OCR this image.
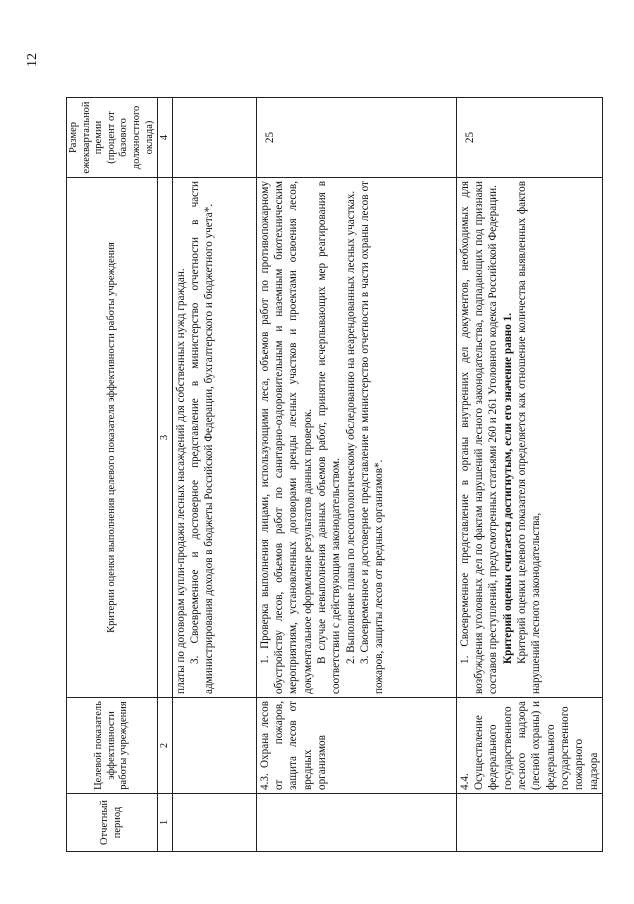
12
Отчетный период	Целевой показатель эффективности работы учреждения	Критерии оценки выполнения целевого показателя эффективности работы учреждения	Размер ежеквартальной премии (процент от базового должностного оклада)
1	2	3	4

		платы по договорам купли-продажи лесных насаждений для собственных нужд граждан. 3. Своевременное и достоверное представление в министерство отчетности в части администрирования доходов в бюджеты Российской Федерации, бухгалтерского и бюджетного учета*.	

	4.3. Охрана лесов от пожаров, защита лесов от вредных организмов	1. Проверка выполнения лицами, использующими леса, объемов работ по противопожарному обустройству лесов, объемов работ по санитарно-оздоровительным и наземным биотехническим мероприятиям, установленных договорами аренды лесных участков и проектами освоения лесов, документальное оформление результатов данных проверок. В случае невыполнения данных объемов работ, принятие исчерпывающих мер реагирования в соответствии с действующим законодательством. 2. Выполнение плана по лесопатологическому обследованию на неарендованных лесных участках. 3. Своевременное и достоверное представление в министерство отчетности в части охраны лесов от пожаров, защиты лесов от вредных организмов*.	25
	4.4. Осуществление федерального государственного лесного надзора (лесной охраны) и федерального государственного пожарного надзора	1. Своевременное представление в органы внутренних дел документов, необходимых для возбуждения уголовных дел по фактам нарушений лесного законодательства, подпадающих под признаки составов преступлений, предусмотренных статьями 260 и 261 Уголовного кодекса Российской Федерации. Критерий оценки считается достигнутым, если его значение равно 1. Критерий оценки целевого показателя определяется как отношение количества выявленных фактов нарушений лесного законодательства,	25
